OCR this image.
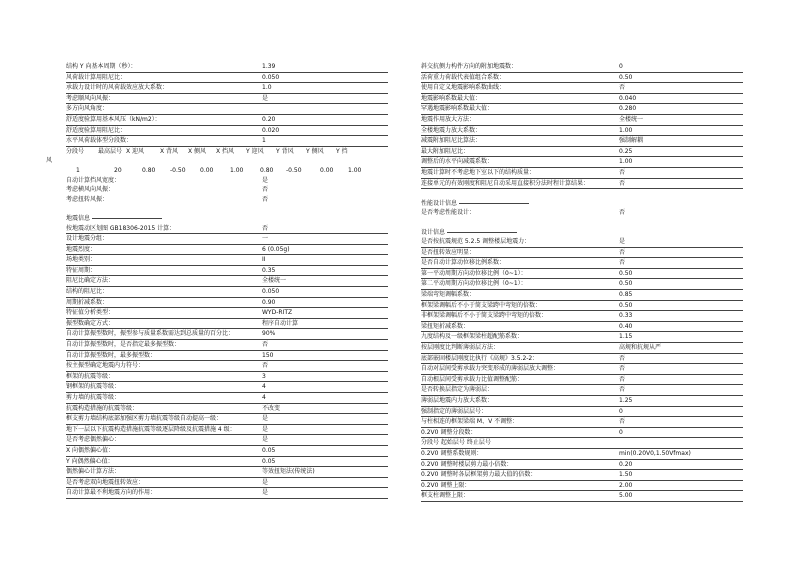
结构 Y 向基本周期（秒）：	1.39
风荷载计算用阻尼比：	0.050
承载力设计时的风荷载效应放大系数：	1.0
考虑顺风向风振：	是
多方向风角度：
舒适度验算用基本风压（kN/m2）：	0.20
舒适度验算用阻尼比：	0.020
水平风荷载体型分段数：	1
分段号 最高层号 X 迎风	X 背风 X 侧风 X 挡风 Y 迎风 Y 背风 Y 侧风 Y 挡
风
1	20	0.80 -0.50 0.00	1.00	0.80 -0.50	0.00 1.00
自动计算挡风宽度：	是
考虑横风向风振：	否
考虑扭转风振：	否
地震信息
按地震动区划图 GB18306-2015 计算：	否
设计地震分组：	一
地震烈度：	6 (0.05g)
场地类别：	II
特征周期：	0.35
阻尼比确定方法：	全楼统一
结构的阻尼比：	0.050
周期折减系数：	0.90
特征值分析类型：	WYD-RITZ
振型数确定方式：	程序自动计算
自动计算振型数时，振型参与质量系数需达到总质量的百分比：	90%
自动计算振型数时，是否指定最多振型数：	否
自动计算振型数时，最多振型数：	150
按主振型确定地震内力符号：	否
框架的抗震等级：	3
钢框架的抗震等级：	4
剪力墙的抗震等级：	4
抗震构造措施的抗震等级：	不改变
框支剪力墙结构底部加强区剪力墙抗震等级自动提高一级：	是
地下一层以下抗震构造措施抗震等级逐层降级及抗震措施 4 级：	是
是否考虑偶然偏心：	是
X 向偶然偏心值：	0.05
Y 向偶然偏心值：	0.05
偶然偏心计算方法：	等效扭矩法(传统法)
是否考虑双向地震扭转效应：	是
自动计算最不利地震方向的作用：	是
斜交抗侧力构件方向的附加地震数：	0
活荷重力荷载代表值组合系数：	0.50
使用自定义地震影响系数曲线：	否
地震影响系数最大值：	0.040
罕遇地震影响系数最大值：	0.280
地震作用放大方法：	全楼统一
全楼地震力放大系数：	1.00
减震附加阻尼比算法：	强制解耦
最大附加阻尼比：	0.25
调整后的水平向减震系数：	1.00
地震计算时不考虑地下室以下的结构质量：	否
连接单元的有效刚度和阻尼自动采用直接积分法时程计算结果：	否
性能设计信息
是否考虑性能设计：	否
设计信息
是否按抗震规范 5.2.5 调整楼层地震力：	是
是否扭转效应明显：	否
是否自动计算动位移比例系数：	否
第一平动周期方向动位移比例（0~1）：	0.50
第二平动周期方向动位移比例（0~1）：	0.50
梁端弯矩调幅系数：	0.85
框架梁调幅后不小于简支梁跨中弯矩的倍数：	0.50
非框架梁调幅后不小于简支梁跨中弯矩的倍数：	0.33
梁扭矩折减系数：	0.40
九度结构及一级框架梁柱超配筋系数：	1.15
按层刚度比判断薄弱层方法：	高规和抗规从严
底部嵌固楼层刚度比执行《高规》3.5.2-2：	否
自动对层间受剪承载力突变形成的薄弱层放大调整：	否
自动根层间受剪承载力比值调整配筋：	否
是否转换层指定为薄弱层：	否
薄弱层地震内力放大系数：	1.25
强制指定的薄弱层层号：	0
与柱相连的框架梁端 M、V 不调整：	否
0.2V0 调整分段数：	0
分段号 起始层号 终止层号
0.2V0 调整系数规则：	min(0.20V0,1.50Vfmax)
0.2V0 调整时楼层剪力最小倍数：	0.20
0.2V0 调整时各层框架剪力最大值的倍数：	1.50
0.2V0 调整上限：	2.00
框支柱调整上限：	5.00
